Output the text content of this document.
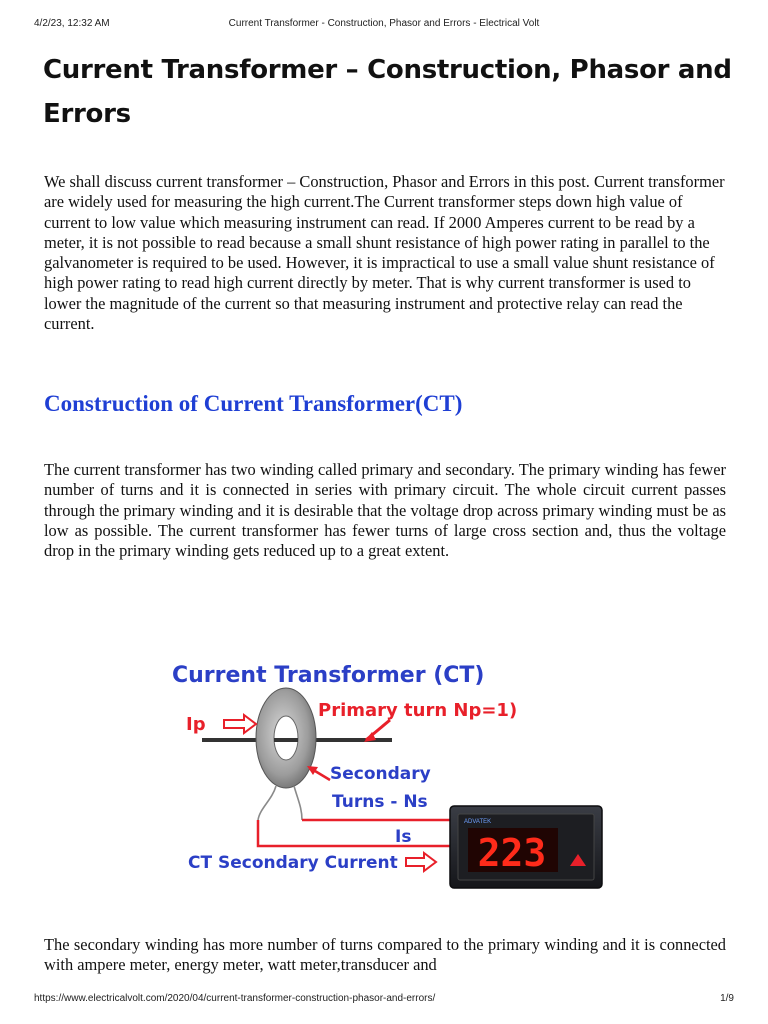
4/2/23, 12:32 AM	Current Transformer - Construction, Phasor and Errors - Electrical Volt
Current Transformer – Construction, Phasor and Errors

We shall discuss current transformer – Construction, Phasor and Errors in this post. Current transformer are widely used for measuring the high current.The Current transformer steps down high value of current to low value which measuring instrument can read. If 2000 Amperes current to be read by a meter, it is not possible to read because a small shunt resistance of high power rating in parallel to the galvanometer is required to be used. However, it is impractical to use a small value shunt resistance of high power rating to read high current directly by meter. That is why current transformer is used to lower the magnitude of the current so that measuring instrument and protective relay can read the current.

Construction of Current Transformer(CT)

The current transformer has two winding called primary and secondary. The primary winding has fewer number of turns and it is connected in series with primary circuit. The whole circuit current passes through the primary winding and it is desirable that the voltage drop across primary winding must be as low as possible. The current transformer has fewer turns of large cross section and, thus the voltage drop in the primary winding gets reduced up to a great extent.

Current Transformer (CT)
Ip
Primary turn Np=1)
Secondary
Turns - Ns
Is
CT Secondary Current 223
ADVATEK

The secondary winding has more number of turns compared to the primary winding and it is connected with ampere meter, energy meter, watt meter,transducer and

https://www.electricalvolt.com/2020/04/current-transformer-construction-phasor-and-errors/	1/9
